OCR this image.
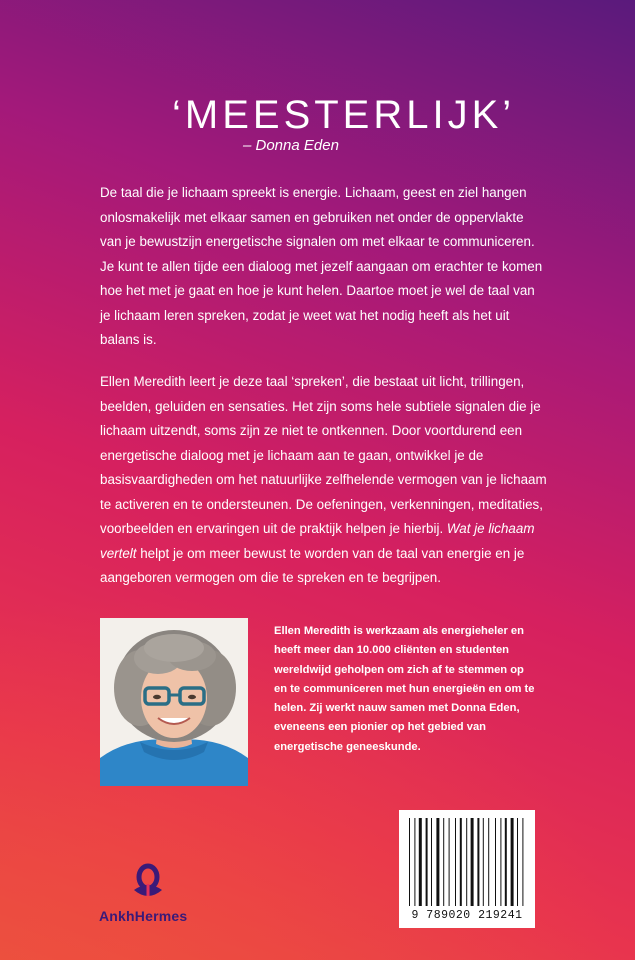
‘MEESTERLIJK’

– Donna Eden

De taal die je lichaam spreekt is energie. Lichaam, geest en ziel hangen onlosmakelijk met elkaar samen en gebruiken net onder de oppervlakte van je bewustzijn energetische signalen om met elkaar te communiceren. Je kunt te allen tijde een dialoog met jezelf aangaan om erachter te komen hoe het met je gaat en hoe je kunt helen. Daartoe moet je wel de taal van je lichaam leren spreken, zodat je weet wat het nodig heeft als het uit balans is.

Ellen Meredith leert je deze taal ‘spreken’, die bestaat uit licht, trillingen, beelden, geluiden en sensaties. Het zijn soms hele subtiele signalen die je lichaam uitzendt, soms zijn ze niet te ontkennen. Door voortdurend een energetische dialoog met je lichaam aan te gaan, ontwikkel je de basisvaardigheden om het natuurlijke zelfhelende vermogen van je lichaam te activeren en te ondersteunen. De oefeningen, verkenningen, meditaties, voorbeelden en ervaringen uit de praktijk helpen je hierbij. Wat je lichaam vertelt helpt je om meer bewust te worden van de taal van energie en je aangeboren vermogen om die te spreken en te begrijpen.

Ellen Meredith is werkzaam als energieheler en heeft meer dan 10.000 cliënten en studenten wereldwijd geholpen om zich af te stemmen op en te communiceren met hun energieën en om te helen. Zij werkt nauw samen met Donna Eden, eveneens een pionier op het gebied van energetische geneeskunde.

9 789020 219241

AnkhHermes
